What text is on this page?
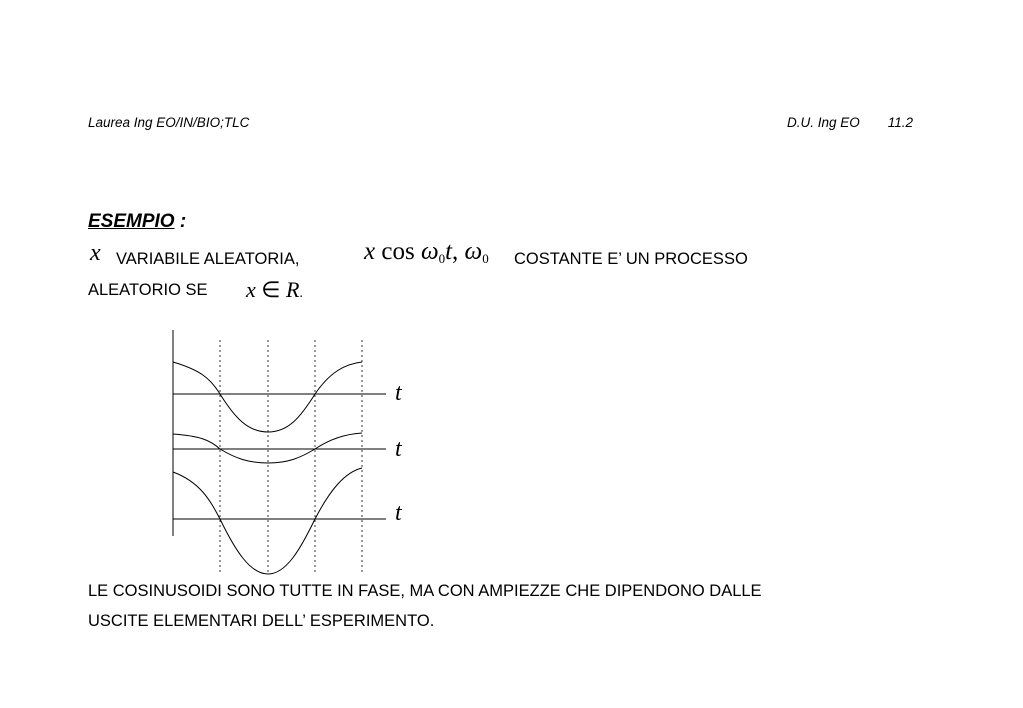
Laurea Ing EO/IN/BIO;TLC	D.U. Ing EO 11.2
ESEMPIO :
x VARIABILE ALEATORIA,	x $\cos \omega_0t$, $\omega_0$ COSTANTE E’ UN PROCESSO
ALEATORIO SE x ∈ R.
t
t
t
LE COSINUSOIDI SONO TUTTE IN FASE, MA CON AMPIEZZE CHE DIPENDONO DALLE
USCITE ELEMENTARI DELL’ ESPERIMENTO.
